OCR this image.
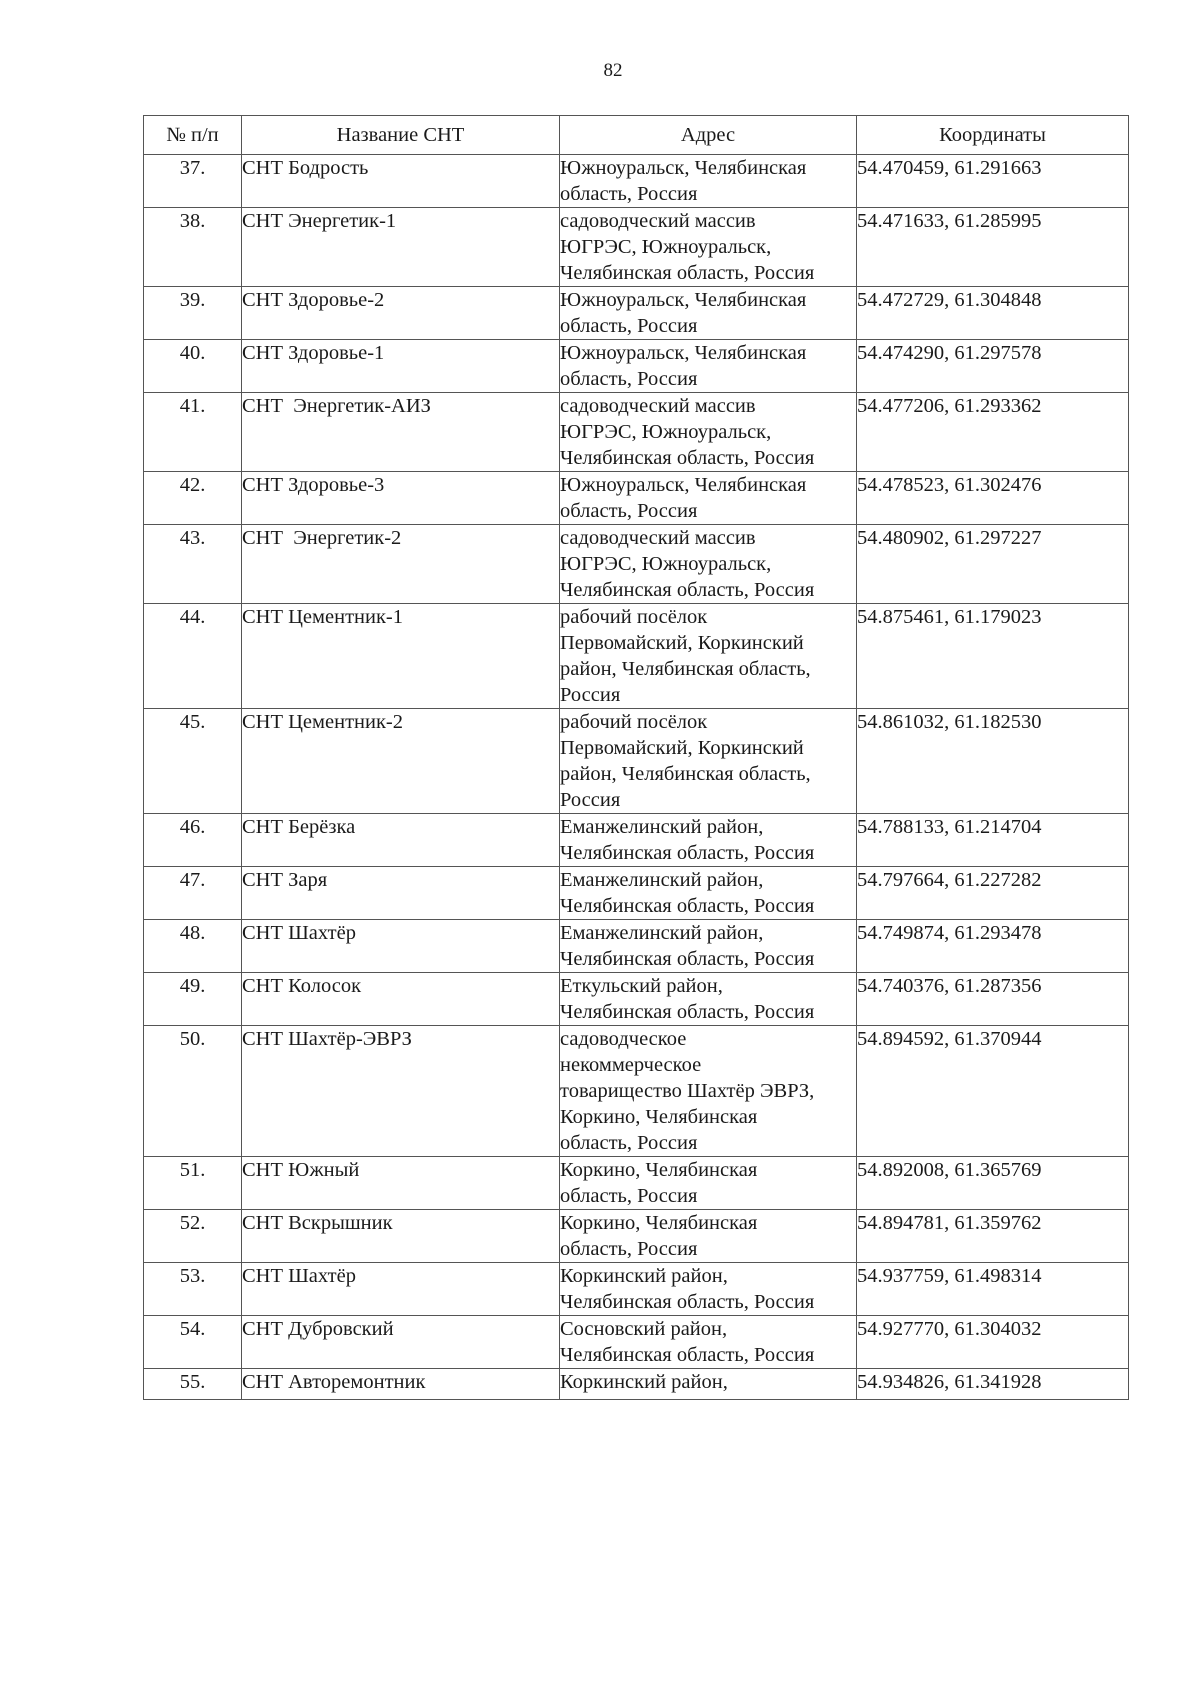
82
№ п/п	Название СНТ	Адрес	Координаты
37.	СНТ Бодрость	Южноуральск, Челябинская
область, Россия	54.470459, 61.291663
38.	СНТ Энергетик-1	садоводческий массив
ЮГРЭС, Южноуральск,
Челябинская область, Россия	54.471633, 61.285995
39.	СНТ Здоровье-2	Южноуральск, Челябинская
область, Россия	54.472729, 61.304848
40.	СНТ Здоровье-1	Южноуральск, Челябинская
область, Россия	54.474290, 61.297578
41.	СНТ  Энергетик-АИЗ	садоводческий массив
ЮГРЭС, Южноуральск,
Челябинская область, Россия	54.477206, 61.293362
42.	СНТ Здоровье-3	Южноуральск, Челябинская
область, Россия	54.478523, 61.302476
43.	СНТ  Энергетик-2	садоводческий массив
ЮГРЭС, Южноуральск,
Челябинская область, Россия	54.480902, 61.297227
44.	СНТ Цементник-1	рабочий посёлок
Первомайский, Коркинский
район, Челябинская область,
Россия	54.875461, 61.179023
45.	СНТ Цементник-2	рабочий посёлок
Первомайский, Коркинский
район, Челябинская область,
Россия	54.861032, 61.182530
46.	СНТ Берёзка	Еманжелинский район,
Челябинская область, Россия	54.788133, 61.214704
47.	СНТ Заря	Еманжелинский район,
Челябинская область, Россия	54.797664, 61.227282
48.	СНТ Шахтёр	Еманжелинский район,
Челябинская область, Россия	54.749874, 61.293478
49.	СНТ Колосок	Еткульский район,
Челябинская область, Россия	54.740376, 61.287356
50.	СНТ Шахтёр-ЭВРЗ	садоводческое
некоммерческое
товарищество Шахтёр ЭВРЗ,
Коркино, Челябинская
область, Россия	54.894592, 61.370944
51.	СНТ Южный	Коркино, Челябинская
область, Россия	54.892008, 61.365769
52.	СНТ Вскрышник	Коркино, Челябинская
область, Россия	54.894781, 61.359762
53.	СНТ Шахтёр	Коркинский район,
Челябинская область, Россия	54.937759, 61.498314
54.	СНТ Дубровский	Сосновский район,
Челябинская область, Россия	54.927770, 61.304032
55.	СНТ Авторемонтник	Коркинский район,	54.934826, 61.341928
